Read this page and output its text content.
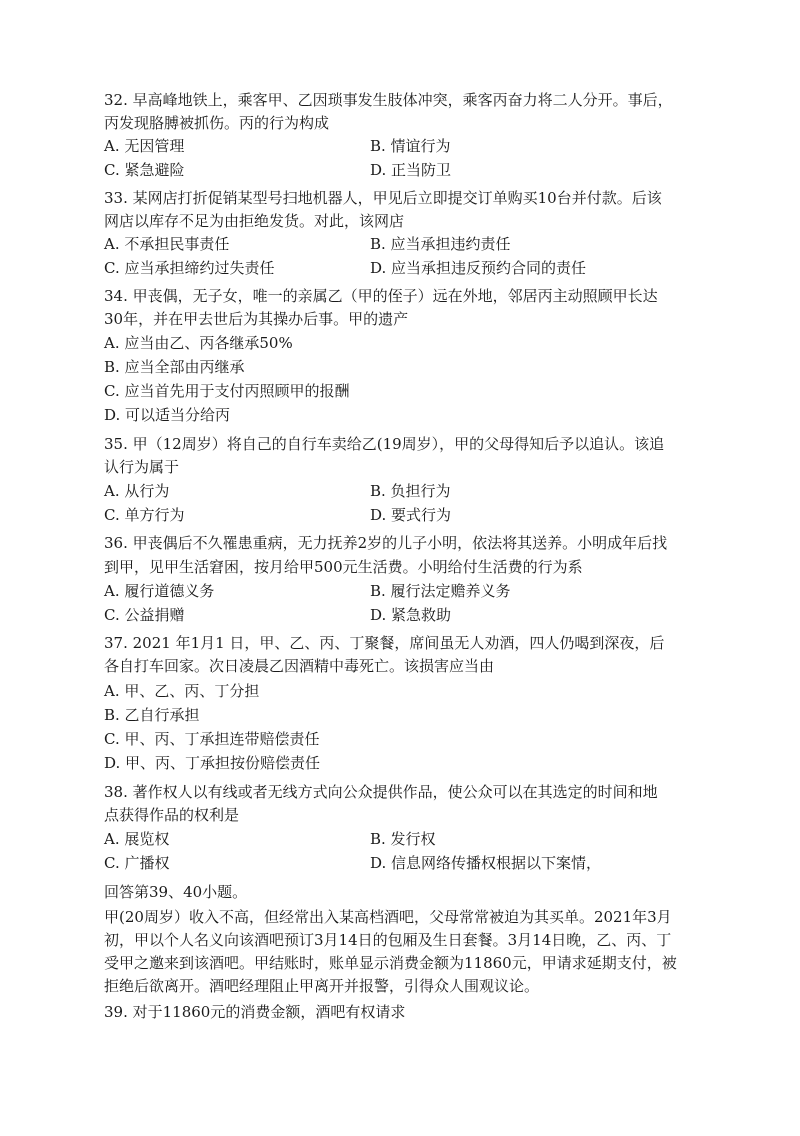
32. 早高峰地铁上，乘客甲、乙因琐事发生肢体冲突，乘客丙奋力将二人分开。事后，
丙发现胳膊被抓伤。丙的行为构成
A. 无因管理	B. 情谊行为
C. 紧急避险	D. 正当防卫
33. 某网店打折促销某型号扫地机器人，甲见后立即提交订单购买10台并付款。后该
网店以库存不足为由拒绝发货。对此，该网店
A. 不承担民事责任	B. 应当承担违约责任
C. 应当承担缔约过失责任	D. 应当承担违反预约合同的责任
34. 甲丧偶，无子女，唯一的亲属乙（甲的侄子）远在外地，邻居丙主动照顾甲长达
30年，并在甲去世后为其操办后事。甲的遗产
A. 应当由乙、丙各继承50%
B. 应当全部由丙继承
C. 应当首先用于支付丙照顾甲的报酬
D. 可以适当分给丙
35. 甲（12周岁）将自己的自行车卖给乙(19周岁），甲的父母得知后予以追认。该追
认行为属于
A. 从行为	B. 负担行为
C. 单方行为	D. 要式行为
36. 甲丧偶后不久罹患重病，无力抚养2岁的儿子小明，依法将其送养。小明成年后找
到甲，见甲生活窘困，按月给甲500元生活费。小明给付生活费的行为系
A. 履行道德义务	B. 履行法定赡养义务
C. 公益捐赠	D. 紧急救助
37. 2021 年1月1 日，甲、乙、丙、丁聚餐，席间虽无人劝酒，四人仍喝到深夜，后
各自打车回家。次日凌晨乙因酒精中毒死亡。该损害应当由
A. 甲、乙、丙、丁分担
B. 乙自行承担
C. 甲、丙、丁承担连带赔偿责任
D. 甲、丙、丁承担按份赔偿责任
38. 著作权人以有线或者无线方式向公众提供作品，使公众可以在其选定的时间和地
点获得作品的权利是
A. 展览权	B. 发行权
C. 广播权	D. 信息网络传播权根据以下案情，
回答第39、40小题。
甲(20周岁）收入不高，但经常出入某高档酒吧，父母常常被迫为其买单。2021年3月
初，甲以个人名义向该酒吧预订3月14日的包厢及生日套餐。3月14日晚，乙、丙、丁
受甲之邀来到该酒吧。甲结账时，账单显示消费金额为11860元，甲请求延期支付，被
拒绝后欲离开。酒吧经理阻止甲离开并报警，引得众人围观议论。
39. 对于11860元的消费金额，酒吧有权请求
